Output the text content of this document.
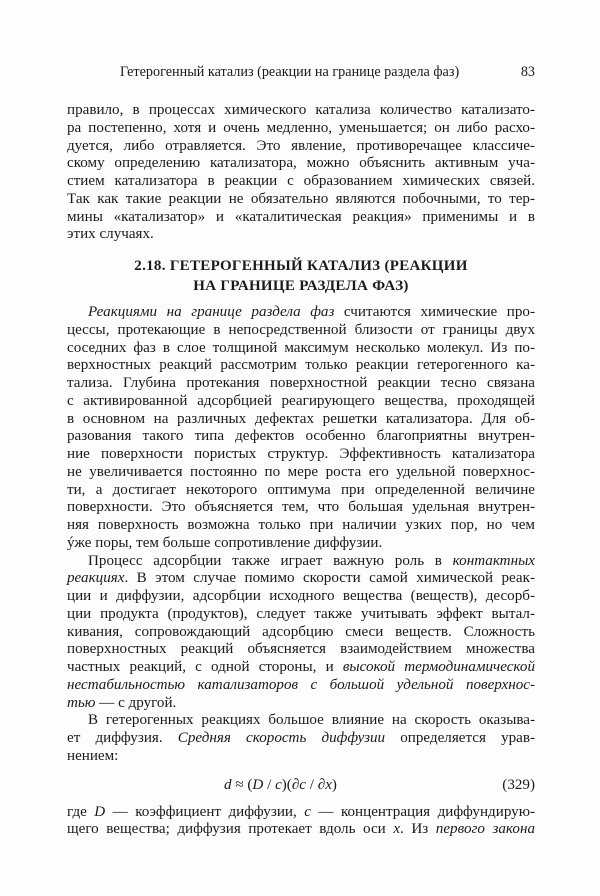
Гетерогенный катализ (реакции на границе раздела фаз)	83

правило, в процессах химического катализа количество катализато-
ра постепенно, хотя и очень медленно, уменьшается; он либо расхо-
дуется, либо отравляется. Это явление, противоречащее классиче-
скому определению катализатора, можно объяснить активным уча-
стием катализатора в реакции с образованием химических связей.
Так как такие реакции не обязательно являются побочными, то тер-
мины «катализатор» и «каталитическая реакция» применимы и в
этих случаях.

2.18. ГЕТЕРОГЕННЫЙ КАТАЛИЗ (РЕАКЦИИ
НА ГРАНИЦЕ РАЗДЕЛА ФАЗ)

Реакциями на границе раздела фаз считаются химические про-
цессы, протекающие в непосредственной близости от границы двух
соседних фаз в слое толщиной максимум несколько молекул. Из по-
верхностных реакций рассмотрим только реакции гетерогенного ка-
тализа. Глубина протекания поверхностной реакции тесно связана
с активированной адсорбцией реагирующего вещества, проходящей
в основном на различных дефектах решетки катализатора. Для об-
разования такого типа дефектов особенно благоприятны внутрен-
ние поверхности пористых структур. Эффективность катализатора
не увеличивается постоянно по мере роста его удельной поверхнос-
ти, а достигает некоторого оптимума при определенной величине
поверхности. Это объясняется тем, что большая удельная внутрен-
няя поверхность возможна только при наличии узких пор, но чем
ýже поры, тем больше сопротивление диффузии.

Процесс адсорбции также играет важную роль в контактных
реакциях. В этом случае помимо скорости самой химической реак-
ции и диффузии, адсорбции исходного вещества (веществ), десорб-
ции продукта (продуктов), следует также учитывать эффект вытал-
кивания, сопровождающий адсорбцию смеси веществ. Сложность
поверхностных реакций объясняется взаимодействием множества
частных реакций, с одной стороны, и высокой термодинамической
нестабильностью катализаторов с большой удельной поверхнос-
тью — с другой.

В гетерогенных реакциях большое влияние на скорость оказыва-
ет диффузия. Средняя скорость диффузии определяется урав-
нением:

d ≈ (D / c)(∂c / ∂x)	(329)

где D — коэффициент диффузии, c — концентрация диффундирую-
щего вещества; диффузия протекает вдоль оси x. Из первого закона
